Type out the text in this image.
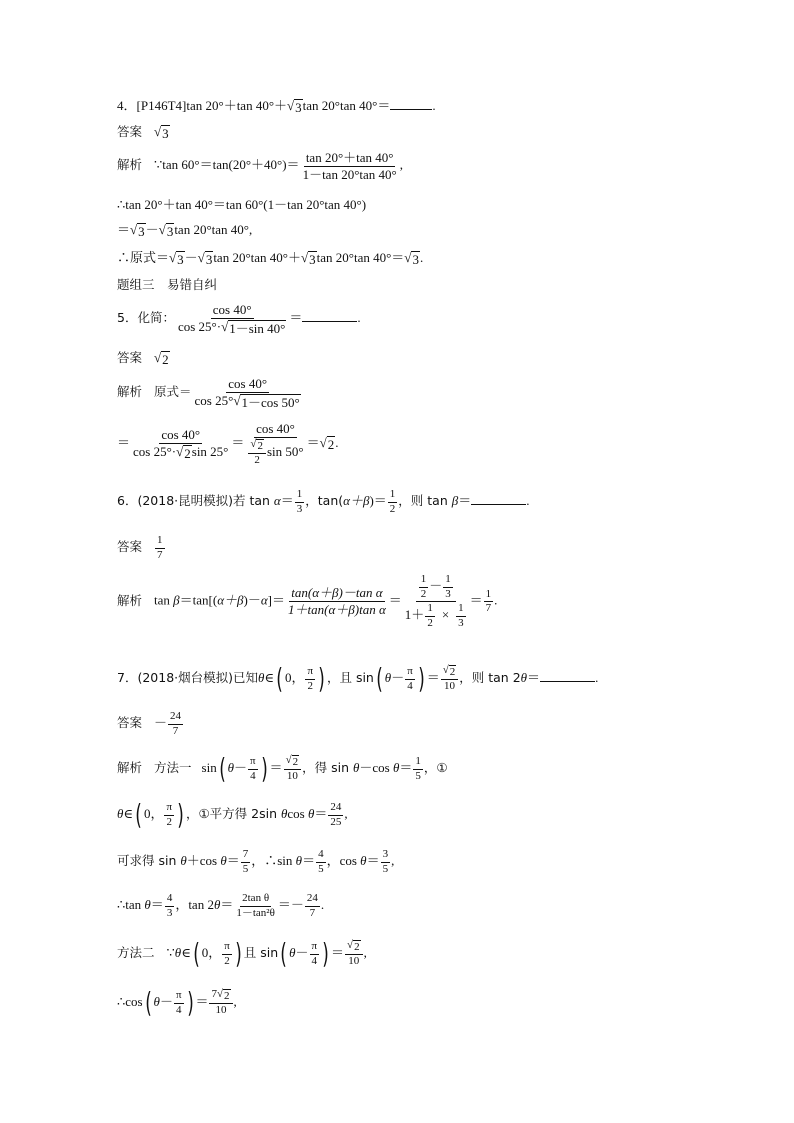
4．[P146T4]tan 20°＋tan 40°＋ √ 3 tan 20°tan 40°＝	.
答案 √ 3
解析 ∵tan $60^\circ=\tan(20^\circ+40^\circ)= \frac{\tan 20^\circ+\tan 40^\circ}{1-\tan 20^\circ\tan 40^\circ}$ ,
∴tan 20°＋tan 40°＝tan 60°(1－tan 20°tan 40°)
＝ √ 3 － √ 3 tan 20°tan 40°,
∴原式＝ √ 3 － √ 3 tan 20°tan 40°＋ √ 3 tan 20°tan 40°＝ √ 3 .
题组三　易错自纠
5．化简： $\frac{\cos 40^\circ}{\cos 25^\circ\cdot √ 1-\sin 40^\circ}$ ＝	.
答案 √ 2
解析 原式＝ $\frac{\cos 40^\circ}{\cos 25^\circ √ 1-\cos 50^\circ}$
＝ $\frac{\cos 40^\circ}{\cos 25^\circ\cdot √ 2 \sin 25^\circ} = \frac{\cos 40^\circ}{\frac{√ 2}{2} \sin 50^\circ}$ ＝ √ 2 .
6．(2018·昆明模拟)若 $\tan \alpha= \frac{1}{3}$ ，$\tan(\alpha+\beta)= \frac{1}{2}$ ，则 tan β＝	.
答案 $\frac{1}{7}$
解析 $\tan \beta=\tan[(\alpha+\beta)-\alpha]= \frac{\text{tan(α＋β)－tan α}}{\text{1＋tan(α＋β)tan α}} = \frac{\frac{1}{2} - \frac{1}{3}}{1+ \frac{1}{2} \times \frac{1}{3}} = \frac{1}{7}$ .
7．(2018·烟台模拟)已知θ∈( 0， $\frac{\pi}{2}$ ) ，且 sin( $\theta- \frac{\pi}{4}$ ) ＝ $\frac{√ 2}{10}$ ，则 tan 2θ＝	.
答案 － $\frac{24}{7}$
解析 方法一 sin( $\theta- \frac{\pi}{4}$ ) ＝ $\frac{√ 2}{10}$ ，得 sin θ－cos $\theta= \frac{1}{5}$ ，①
θ∈( 0， $\frac{\pi}{2}$ ) ，①平方得 2sin θcos $\theta= \frac{24}{25}$ ,
可求得 sin θ＋cos $\theta= \frac{7}{5}$ ，∴sin $\theta= \frac{4}{5}$ ，$\cos \theta= \frac{3}{5}$ ,
∴tan $\theta= \frac{4}{3}$ ，$\tan 2\theta= \frac{\text{2tan θ}}{\text{1－tan²θ}} =- \frac{24}{7}$ .
方法二 ∵θ∈( 0， $\frac{\pi}{2}$ ) 且 sin( $\theta- \frac{\pi}{4}$ ) ＝ $\frac{√ 2}{10}$ ,
∴cos( $\theta- \frac{\pi}{4}$ ) ＝ $\frac{7 √ 2}{10}$ ,
